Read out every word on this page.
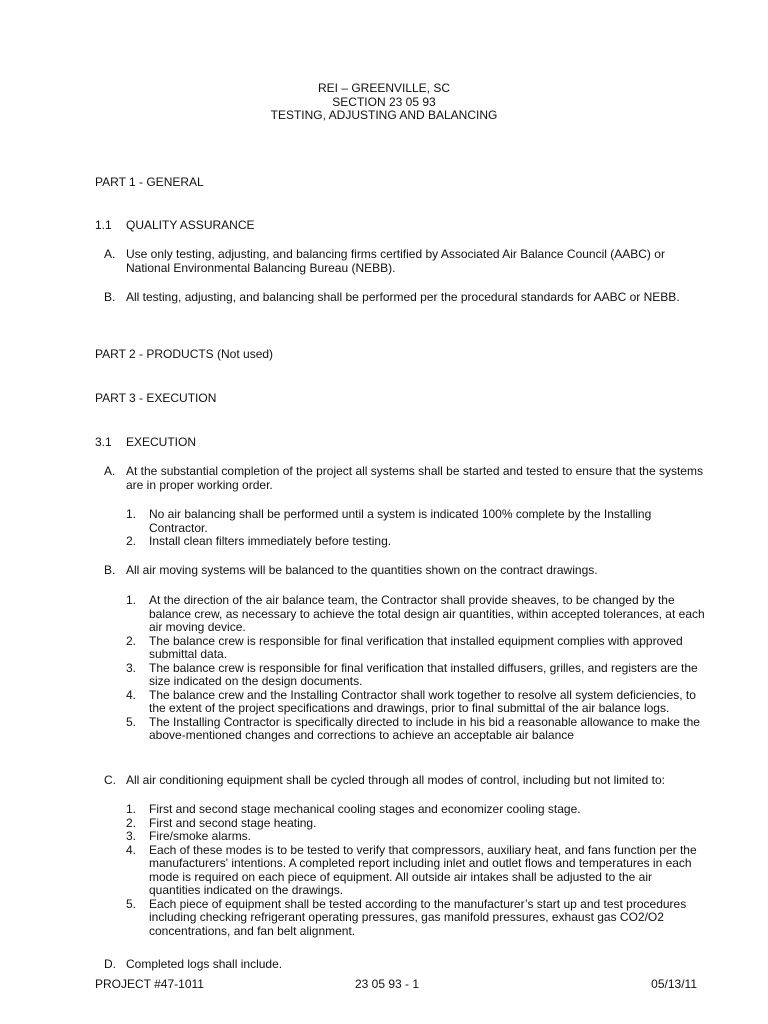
REI – GREENVILLE, SC
SECTION 23 05 93
TESTING, ADJUSTING AND BALANCING
PART 1 - GENERAL
1.1 QUALITY ASSURANCE
A. Use only testing, adjusting, and balancing firms certified by Associated Air Balance Council (AABC) or National Environmental Balancing Bureau (NEBB).
B. All testing, adjusting, and balancing shall be performed per the procedural standards for AABC or NEBB.
PART 2 - PRODUCTS (Not used)
PART 3 - EXECUTION
3.1 EXECUTION
A. At the substantial completion of the project all systems shall be started and tested to ensure that the systems are in proper working order.
1. No air balancing shall be performed until a system is indicated 100% complete by the Installing Contractor.
2. Install clean filters immediately before testing.
B. All air moving systems will be balanced to the quantities shown on the contract drawings.
1. At the direction of the air balance team, the Contractor shall provide sheaves, to be changed by the balance crew, as necessary to achieve the total design air quantities, within accepted tolerances, at each air moving device.
2. The balance crew is responsible for final verification that installed equipment complies with approved submittal data.
3. The balance crew is responsible for final verification that installed diffusers, grilles, and registers are the size indicated on the design documents.
4. The balance crew and the Installing Contractor shall work together to resolve all system deficiencies, to the extent of the project specifications and drawings, prior to final submittal of the air balance logs.
5. The Installing Contractor is specifically directed to include in his bid a reasonable allowance to make the above-mentioned changes and corrections to achieve an acceptable air balance
C. All air conditioning equipment shall be cycled through all modes of control, including but not limited to:
1. First and second stage mechanical cooling stages and economizer cooling stage.
2. First and second stage heating.
3. Fire/smoke alarms.
4. Each of these modes is to be tested to verify that compressors, auxiliary heat, and fans function per the manufacturers' intentions. A completed report including inlet and outlet flows and temperatures in each mode is required on each piece of equipment. All outside air intakes shall be adjusted to the air quantities indicated on the drawings.
5. Each piece of equipment shall be tested according to the manufacturer’s start up and test procedures including checking refrigerant operating pressures, gas manifold pressures, exhaust gas CO2/O2 concentrations, and fan belt alignment.
D. Completed logs shall include.
PROJECT #47-1011	23 05 93 - 1	05/13/11
